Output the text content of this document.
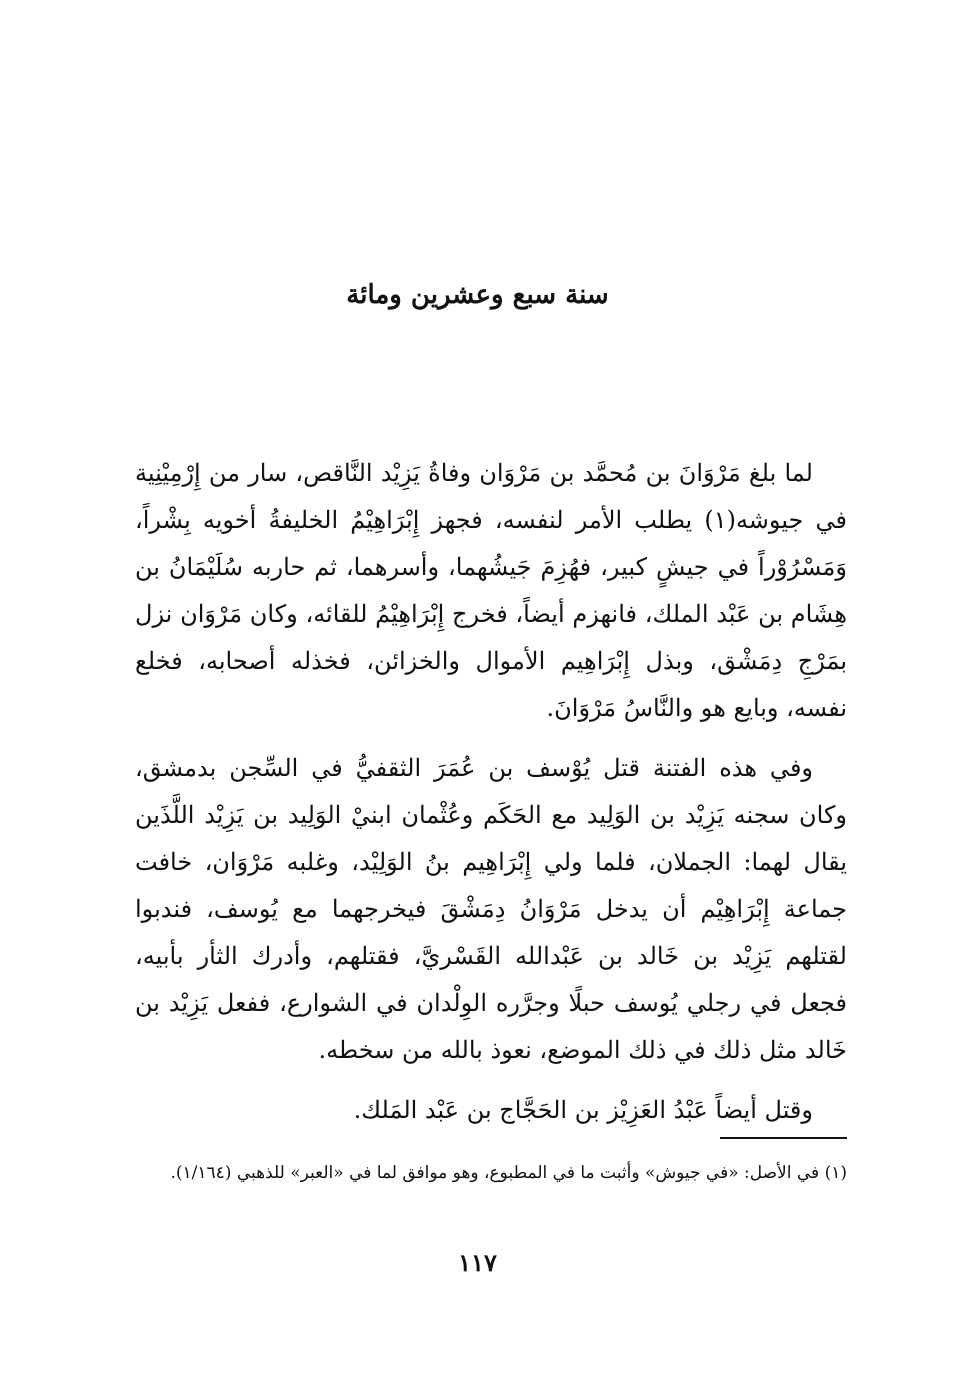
سنة سبع وعشرين ومائة

لما بلغ مَرْوَانَ بن مُحمَّد بن مَرْوَان وفاةُ يَزِيْد النَّاقص، سار من إِرْمِيْنِية في جيوشه(١) يطلب الأمر لنفسه، فجهز إِبْرَاهِيْمُ الخليفةُ أخويه بِشْراً، وَمَسْرُوْراً في جيشٍ كبير، فهُزِمَ جَيشُهما، وأسرهما، ثم حاربه سُلَيْمَانُ بن هِشَام بن عَبْد الملك، فانهزم أيضاً، فخرج إِبْرَاهِيْمُ للقائه، وكان مَرْوَان نزل بمَرْجِ دِمَشْق، وبذل إِبْرَاهِيم الأموال والخزائن، فخذله أصحابه، فخلع نفسه، وبايع هو والنَّاسُ مَرْوَانَ.

وفي هذه الفتنة قتل يُوْسف بن عُمَرَ الثقفيُّ في السِّجن بدمشق، وكان سجنه يَزِيْد بن الوَلِيد مع الحَكَم وعُثْمان ابنيْ الوَلِيد بن يَزِيْد اللَّذَين يقال لهما: الجملان، فلما ولي إِبْرَاهِيم بنُ الوَلِيْد، وغلبه مَرْوَان، خافت جماعة إِبْرَاهِيْم أن يدخل مَرْوَانُ دِمَشْقَ فيخرجهما مع يُوسف، فندبوا لقتلهم يَزِيْد بن خَالد بن عَبْدالله القَسْريَّ، فقتلهم، وأدرك الثأر بأبيه، فجعل في رجلي يُوسف حبلًا وجرَّره الوِلْدان في الشوارع، ففعل يَزِيْد بن خَالد مثل ذلك في ذلك الموضع، نعوذ بالله من سخطه.

وقتل أيضاً عَبْدُ العَزِيْز بن الحَجَّاج بن عَبْد المَلك.

(١) في الأصل: «في جيوش» وأثبت ما في المطبوع، وهو موافق لما في «العبر» للذهبي (١/١٦٤).
١١٧
